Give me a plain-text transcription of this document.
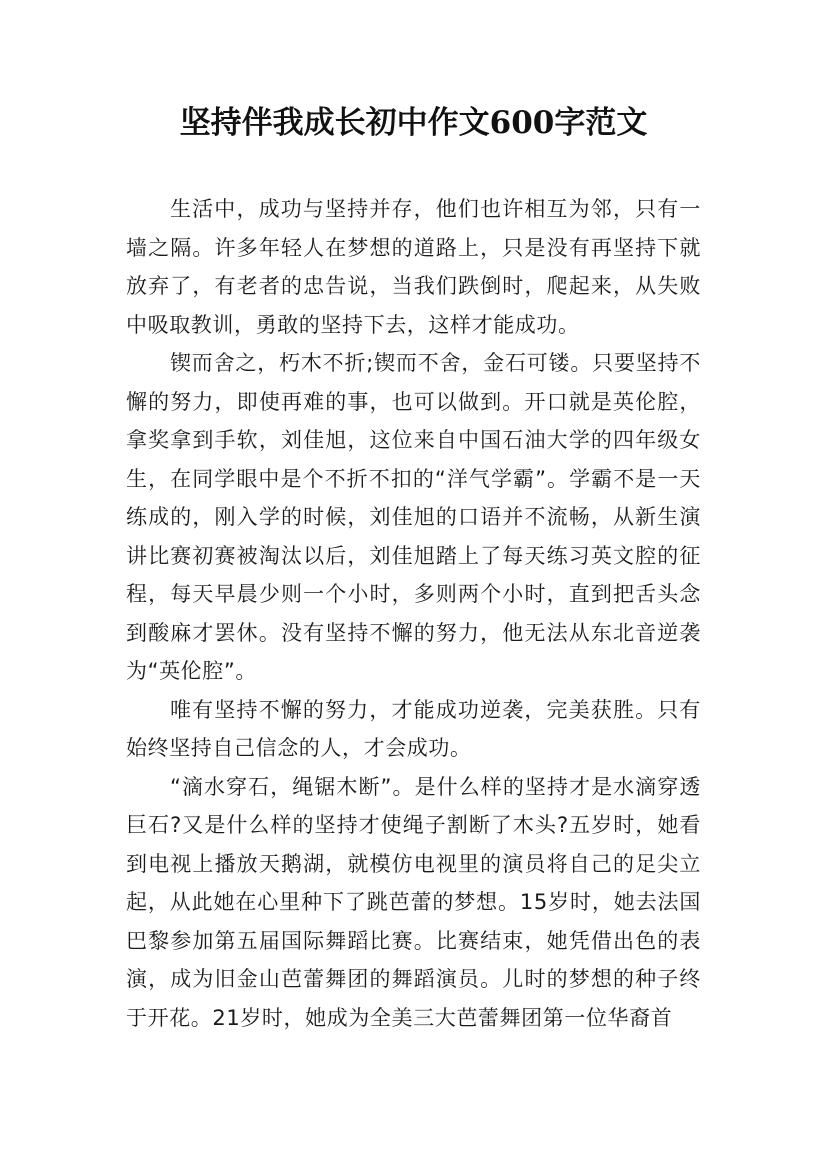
坚持伴我成长初中作文600字范文

生活中，成功与坚持并存，他们也许相互为邻，只有一墙之隔。许多年轻人在梦想的道路上，只是没有再坚持下就放弃了，有老者的忠告说，当我们跌倒时，爬起来，从失败中吸取教训，勇敢的坚持下去，这样才能成功。

锲而舍之，朽木不折;锲而不舍，金石可镂。只要坚持不懈的努力，即使再难的事，也可以做到。开口就是英伦腔，拿奖拿到手软，刘佳旭，这位来自中国石油大学的四年级女生，在同学眼中是个不折不扣的“洋气学霸”。学霸不是一天练成的，刚入学的时候，刘佳旭的口语并不流畅，从新生演讲比赛初赛被淘汰以后，刘佳旭踏上了每天练习英文腔的征程，每天早晨少则一个小时，多则两个小时，直到把舌头念到酸麻才罢休。没有坚持不懈的努力，他无法从东北音逆袭为“英伦腔”。

唯有坚持不懈的努力，才能成功逆袭，完美获胜。只有始终坚持自己信念的人，才会成功。

“滴水穿石，绳锯木断”。是什么样的坚持才是水滴穿透巨石?又是什么样的坚持才使绳子割断了木头?五岁时，她看到电视上播放天鹅湖，就模仿电视里的演员将自己的足尖立起，从此她在心里种下了跳芭蕾的梦想。15岁时，她去法国巴黎参加第五届国际舞蹈比赛。比赛结束，她凭借出色的表演，成为旧金山芭蕾舞团的舞蹈演员。儿时的梦想的种子终于开花。21岁时，她成为全美三大芭蕾舞团第一位华裔首
